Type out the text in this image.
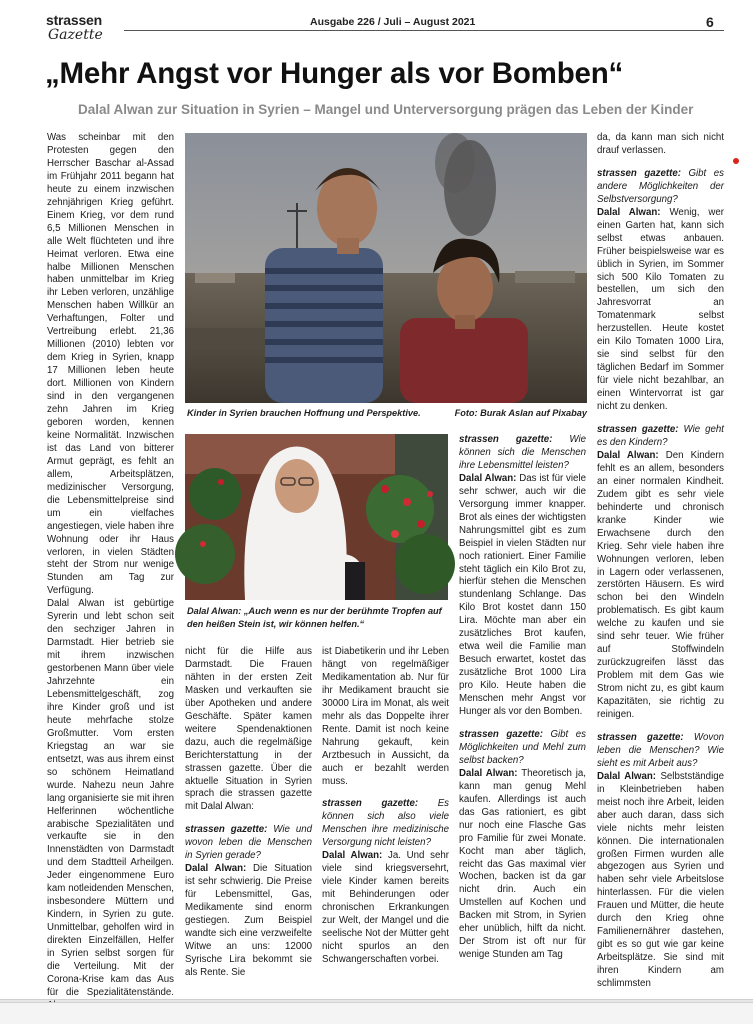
strassen
Gazette
Ausgabe 226 / Juli – August 2021	6
„Mehr Angst vor Hunger als vor Bomben“
Dalal Alwan zur Situation in Syrien – Mangel und Unterversorgung prägen das Leben der Kinder

Was scheinbar mit den Protesten gegen den Herrscher Baschar al-Assad im Frühjahr 2011 begann hat heute zu einem inzwischen zehnjährigen Krieg geführt. Einem Krieg, vor dem rund 6,5 Millionen Menschen in alle Welt flüchteten und ihre Heimat verloren. Etwa eine halbe Millionen Menschen haben unmittelbar im Krieg ihr Leben verloren, unzählige Menschen haben Willkür an Verhaftungen, Folter und Vertreibung erlebt. 21,36 Millionen (2010) lebten vor dem Krieg in Syrien, knapp 17 Millionen leben heute dort. Millionen von Kindern sind in den vergangenen zehn Jahren im Krieg geboren worden, kennen keine Normalität. Inzwischen ist das Land von bitterer Armut geprägt, es fehlt an allem, Arbeitsplätzen, medizinischer Versorgung, die Lebensmittelpreise sind um ein vielfaches angestiegen, viele haben ihre Wohnung oder ihr Haus verloren, in vielen Städten steht der Strom nur wenige Stunden am Tag zur Verfügung.

Dalal Alwan ist gebürtige Syrerin und lebt schon seit den sechziger Jahren in Darmstadt. Hier betrieb sie mit ihrem inzwischen gestorbenen Mann über viele Jahrzehnte ein Lebensmittelgeschäft, zog ihre Kinder groß und ist heute mehrfache stolze Großmutter. Vom ersten Kriegstag an war sie entsetzt, was aus ihrem einst so schönem Heimatland wurde. Nahezu neun Jahre lang organisierte sie mit ihren Helferinnen wöchentliche arabische Spezialitäten und verkaufte sie in den Innenstädten von Darmstadt und dem Stadtteil Arheilgen. Jeder eingenommene Euro kam notleidenden Menschen, insbesondere Müttern und Kindern, in Syrien zu gute. Unmittelbar, geholfen wird in direkten Einzelfällen, Helfer in Syrien selbst sorgen für die Verteilung. Mit der Corona-Krise kam das Aus für die Spezialitätenstände.

Kinder in Syrien brauchen Hoffnung und Perspektive.	Foto: Burak Aslan auf Pixabay
Dalal Alwan: „Auch wenn es nur der berühmte Tropfen auf den heißen Stein ist, wir können helfen.“

nicht für die Hilfe aus Darmstadt. Die Frauen nähten in der ersten Zeit Masken und verkauften sie über Apotheken und andere Geschäfte. Später kamen weitere Spendenaktionen dazu, auch die regelmäßige Berichterstattung in der strassen gazette. Über die aktuelle Situation in Syrien sprach die strassen gazette mit Dalal Alwan:

strassen gazette: Wie und wovon leben die Menschen in Syrien gerade?

Dalal Alwan: Die Situation ist sehr schwierig. Die Preise für Lebensmittel, Gas, Medikamente sind enorm gestiegen. Zum Beispiel wandte sich eine verzweifelte Witwe an uns: 12000 Syrische Lira bekommt sie als Rente. Sie

ist Diabetikerin und ihr Leben hängt von regelmäßiger Medikamentation ab. Nur für ihr Medikament braucht sie 30000 Lira im Monat, als weit mehr als das Doppelte ihrer Rente. Damit ist noch keine Nahrung gekauft, kein Arztbesuch in Aussicht, da auch er bezahlt werden muss.

strassen gazette: Es können sich also viele Menschen ihre medizinische Versorgung nicht leisten?

Dalal Alwan: Ja. Und sehr viele sind kriegsversehrt, viele Kinder kamen bereits mit Behinderungen oder chronischen Erkrankungen zur Welt, der Mangel und die seelische Not der Mütter geht nicht spurlos an den Schwangerschaften vorbei.

strassen gazette: Wie können sich die Menschen ihre Lebensmittel leisten?

Dalal Alwan: Das ist für viele sehr schwer, auch wir die Versorgung immer knapper. Brot als eines der wichtigsten Nahrungsmittel gibt es zum Beispiel in vielen Städten nur noch rationiert. Einer Familie steht täglich ein Kilo Brot zu, hierfür stehen die Menschen stundenlang Schlange. Das Kilo Brot kostet dann 150 Lira. Möchte man aber ein zusätzliches Brot kaufen, etwa weil die Familie man Besuch erwartet, kostet das zusätzliche Brot 1000 Lira pro Kilo. Heute haben die Menschen mehr Angst vor Hunger als vor den Bomben.

strassen gazette: Gibt es Möglichkeiten und Mehl zum selbst backen?

Dalal Alwan: Theoretisch ja, kann man genug Mehl kaufen. Allerdings ist auch das Gas rationiert, es gibt nur noch eine Flasche Gas pro Familie für zwei Monate. Kocht man aber täglich, reicht das Gas maximal vier Wochen, backen ist da gar nicht drin. Auch ein Umstellen auf Kochen und Backen mit Strom, in Syrien eher unüblich, hilft da nicht. Der Strom ist oft nur für wenige Stunden am Tag

da, da kann man sich nicht drauf verlassen.

strassen gazette: Gibt es andere Möglichkeiten der Selbstversorgung?

Dalal Alwan: Wenig, wer einen Garten hat, kann sich selbst etwas anbauen. Früher beispielsweise war es üblich in Syrien, im Sommer sich 500 Kilo Tomaten zu bestellen, um sich den Jahresvorrat an Tomatenmark selbst herzustellen. Heute kostet ein Kilo Tomaten 1000 Lira, sie sind selbst für den täglichen Bedarf im Sommer für viele nicht bezahlbar, an einen Wintervorrat ist gar nicht zu denken.

strassen gazette: Wie geht es den Kindern?

Dalal Alwan: Den Kindern fehlt es an allem, besonders an einer normalen Kindheit. Zudem gibt es sehr viele behinderte und chronisch kranke Kinder wie Erwachsene durch den Krieg. Sehr viele haben ihre Wohnungen verloren, leben in Lagern oder verlassenen, zerstörten Häusern. Es wird schon bei den Windeln problematisch. Es gibt kaum welche zu kaufen und sie sind sehr teuer. Wie früher auf Stoffwindeln zurückzugreifen lässt das Problem mit dem Gas wie Strom nicht zu, es gibt kaum Kapazitäten, sie richtig zu reinigen.

strassen gazette: Wovon leben die Menschen? Wie sieht es mit Arbeit aus?

Dalal Alwan: Selbstständige in Kleinbetrieben haben meist noch ihre Arbeit, leiden aber auch daran, dass sich viele nichts mehr leisten können. Die internationalen großen Firmen wurden alle abgezogen aus Syrien und haben sehr viele Arbeitslose hinterlassen. Für die vielen Frauen und Mütter, die heute durch den Krieg ohne Familienernährer dastehen, gibt es so gut wie gar keine Arbeitsplätze. Sie sind mit ihren Kindern am schlimmsten
